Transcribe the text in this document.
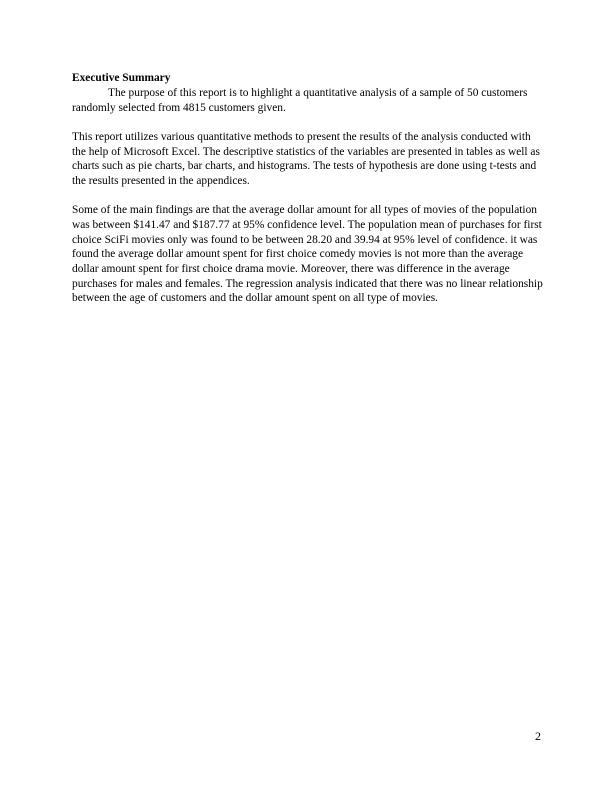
Executive Summary

The purpose of this report is to highlight a quantitative analysis of a sample of 50 customers randomly selected from 4815 customers given.

This report utilizes various quantitative methods to present the results of the analysis conducted with the help of Microsoft Excel. The descriptive statistics of the variables are presented in tables as well as charts such as pie charts, bar charts, and histograms. The tests of hypothesis are done using t-tests and the results presented in the appendices.

Some of the main findings are that the average dollar amount for all types of movies of the population was between $141.47 and $187.77 at 95% confidence level. The population mean of purchases for first choice SciFi movies only was found to be between 28.20 and 39.94 at 95% level of confidence. it was found the average dollar amount spent for first choice comedy movies is not more than the average dollar amount spent for first choice drama movie. Moreover, there was difference in the average purchases for males and females. The regression analysis indicated that there was no linear relationship between the age of customers and the dollar amount spent on all type of movies.

2
